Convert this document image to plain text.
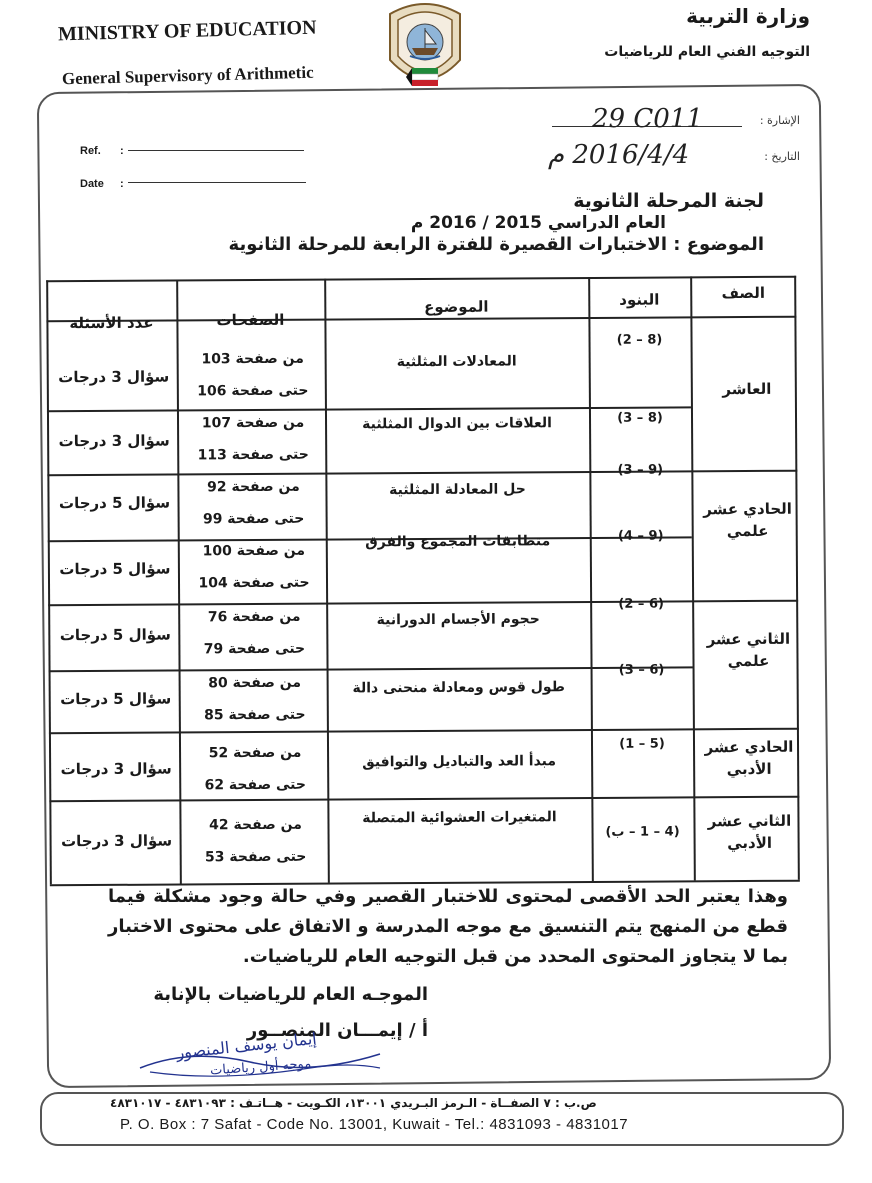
MINISTRY OF EDUCATION
General Supervisory of Arithmetic
وزارة التربية
التوجيه الفني العام للرياضيات
Ref. :
Date :
الإشارة :
29 C011
التاريخ :
2016/4/4 م
لجنة المرحلة الثانوية
العام الدراسي 2015 / 2016 م
الموضوع : الاختبارات القصيرة للفترة الرابعة للمرحلة الثانوية
الصف
البنود
الموضوع
الصفحات
عدد الأسئلة
العاشر
الحادي عشر علمي
الثاني عشر علمي
الحادي عشر الأدبي
الثاني عشر الأدبي
(8 – 2)
المعادلات المثلثية
من صفحة 103
حتى صفحة 106
سؤال 3 درجات
(8 – 3)
العلاقات بين الدوال المثلثية
من صفحة 107
حتى صفحة 113
سؤال 3 درجات
(9 – 3)
حل المعادلة المثلثية
من صفحة 92
حتى صفحة 99
سؤال 5 درجات
(9 – 4)
متطابقات المجموع والفرق
من صفحة 100
حتى صفحة 104
سؤال 5 درجات
(6 – 2)
حجوم الأجسام الدورانية
من صفحة 76
حتى صفحة 79
سؤال 5 درجات
(6 – 3)
طول قوس ومعادلة منحنى دالة
من صفحة 80
حتى صفحة 85
سؤال 5 درجات
(5 – 1)
مبدأ العد والتباديل والتوافيق
من صفحة 52
حتى صفحة 62
سؤال 3 درجات
(4 – 1 – ب)
المتغيرات العشوائية المتصلة
من صفحة 42
حتى صفحة 53
سؤال 3 درجات
وهذا يعتبر الحد الأقصى لمحتوى للاختبار القصير وفي حالة وجود مشكلة فيما قطع من المنهج يتم التنسيق مع موجه المدرسة و الاتفاق على محتوى الاختبار بما لا يتجاوز المحتوى المحدد من قبل التوجيه العام للرياضيات.
الموجـه العام للرياضيات بالإنابة
أ / إيمـــان المنصــور
إيمان يوسف المنصور
موجه أول رياضيات
ص.ب : ٧ الصفــاة - الـرمز البـريدي ١٣٠٠١، الكـويت - هــاتـف : ٤٨٣١٠٩٣ - ٤٨٣١٠١٧
P. O. Box : 7 Safat - Code No. 13001, Kuwait - Tel.: 4831093 - 4831017
